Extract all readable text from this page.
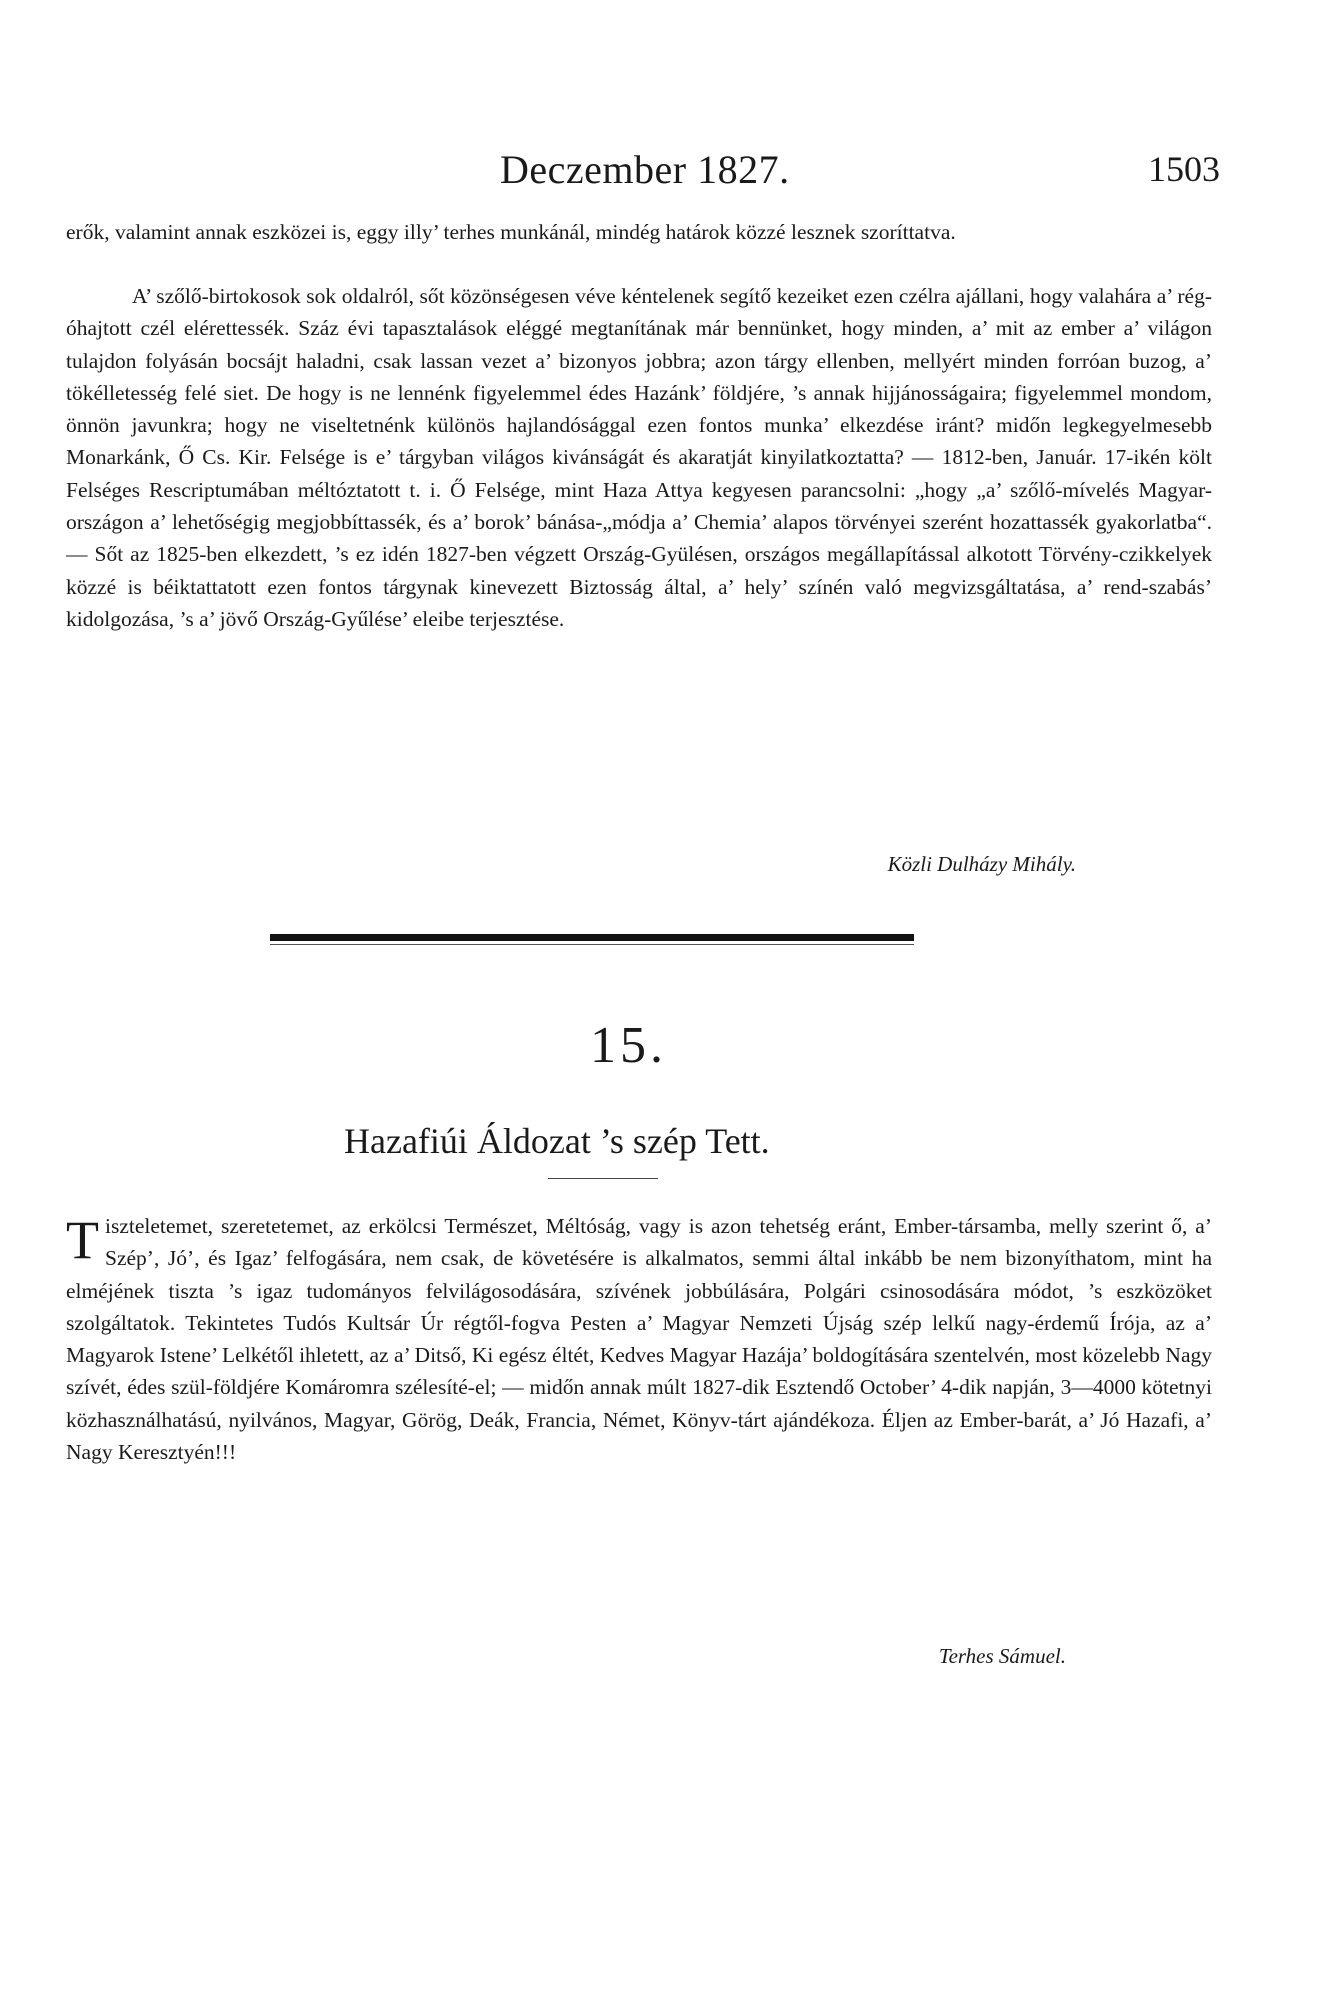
Deczember 1827.	1503

erők, valamint annak eszközei is, eggy illy’ terhes munkánál, mindég határok közzé lesznek szoríttatva.

A’ szőlő-birtokosok sok oldalról, sőt közönségesen véve kéntelenek segítő kezeiket ezen czélra ajállani, hogy valahára a’ rég-óhajtott czél elérettessék. Száz évi tapasztalások eléggé megtanítának már bennünket, hogy minden, a’ mit az ember a’ világon tulajdon folyásán bocsájt haladni, csak lassan vezet a’ bizonyos jobbra; azon tárgy ellenben, mellyért minden forróan buzog, a’ tökélletesség felé siet. De hogy is ne lennénk figyelemmel édes Hazánk’ földjére, ’s annak hijjánosságaira; figyelemmel mondom, önnön javunkra; hogy ne viseltetnénk különös hajlandósággal ezen fontos munka’ elkezdése iránt? midőn legkegyelmesebb Monarkánk, Ő Cs. Kir. Felsége is e’ tárgyban világos kivánságát és akaratját kinyilatkoztatta? — 1812-ben, Január. 17-ikén költ Felséges Rescriptumában méltóztatott t. i. Ő Felsége, mint Haza Attya kegyesen parancsolni: „hogy „a’ szőlő-mívelés Magyar-országon a’ lehetőségig megjobbíttassék, és a’ borok’ bánása-„módja a’ Chemia’ alapos törvényei szerént hozattassék gyakorlatba“. — Sőt az 1825-ben elkezdett, ’s ez idén 1827-ben végzett Ország-Gyülésen, országos megállapítással alkotott Törvény-czikkelyek közzé is béiktattatott ezen fontos tárgynak kinevezett Biztosság által, a’ hely’ színén való megvizsgáltatása, a’ rend-szabás’ kidolgozása, ’s a’ jövő Ország-Gyűlése’ eleibe terjesztése.

Közli Dulházy Mihály.
15.
Hazafiúi Áldozat ’s szép Tett.

Tiszteletemet, szeretetemet, az erkölcsi Természet, Méltóság, vagy is azon tehetség eránt, Ember-társamba, melly szerint ő, a’ Szép’, Jó’, és Igaz’ felfogására, nem csak, de követésére is alkalmatos, semmi által inkább be nem bizonyíthatom, mint ha elméjének tiszta ’s igaz tudományos felvilágosodására, szívének jobbúlására, Polgári csinosodására módot, ’s eszközöket szolgáltatok. Tekintetes Tudós Kultsár Úr régtől-fogva Pesten a’ Magyar Nemzeti Újság szép lelkű nagy-érdemű Írója, az a’ Magyarok Istene’ Lelkétől ihletett, az a’ Ditső, Ki egész éltét, Kedves Magyar Hazája’ boldogítására szentelvén, most közelebb Nagy szívét, édes szül-földjére Komáromra szélesíté-el; — midőn annak múlt 1827-dik Esztendő October’ 4-dik napján, 3—4000 kötetnyi közhasználhatású, nyilvános, Magyar, Görög, Deák, Francia, Német, Könyv-tárt ajándékoza. Éljen az Ember-barát, a’ Jó Hazafi, a’ Nagy Keresztyén!!!

Terhes Sámuel.
